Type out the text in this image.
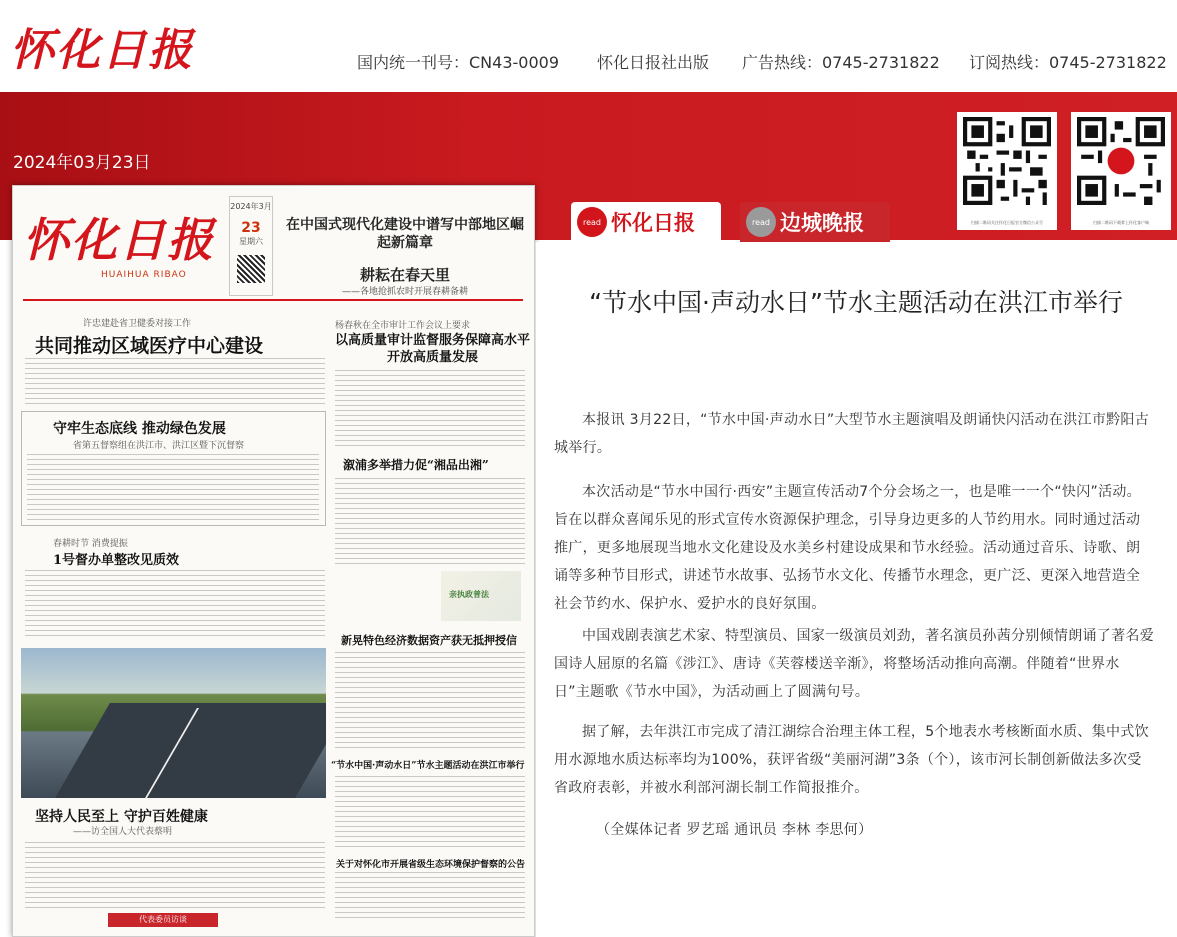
怀化日报	国内统一刊号：CN43-0009 怀化日报社出版 广告热线：0745-2731822 订阅热线：0745-2731822
2024年03月23日
扫描二维码关注怀化日报官方微信公众号	扫描二维码下载掌上怀化客户端
read 怀化日报	read 边城晚报
怀化日报
HUAIHUA RIBAO
2024年3月
23
星期六
在中国式现代化建设中谱写中部地区崛起新篇章
耕耘在春天里
——各地抢抓农时开展春耕备耕
许忠建赴省卫健委对接工作
共同推动区域医疗中心建设
杨春秋在全市审计工作会议上要求
以高质量审计监督服务保障高水平开放高质量发展
守牢生态底线 推动绿色发展
省第五督察组在洪江市、洪江区暨下沉督察
春耕时节 消费提振
1号督办单整改见质效
溆浦多举措力促“湘品出湘”
亲执政普法
新晃特色经济数据资产获无抵押授信
“节水中国·声动水日”节水主题活动在洪江市举行
坚持人民至上 守护百姓健康
——访全国人大代表蔡明
代表委员访谈
关于对怀化市开展省级生态环境保护督察的公告
“节水中国·声动水日”节水主题活动在洪江市举行

本报讯 3月22日，“节水中国·声动水日”大型节水主题演唱及朗诵快闪活动在洪江市黔阳古城举行。

本次活动是“节水中国行·西安”主题宣传活动7个分会场之一，也是唯一一个“快闪”活动。旨在以群众喜闻乐见的形式宣传水资源保护理念，引导身边更多的人节约用水。同时通过活动推广，更多地展现当地水文化建设及水美乡村建设成果和节水经验。活动通过音乐、诗歌、朗诵等多种节目形式，讲述节水故事、弘扬节水文化、传播节水理念，更广泛、更深入地营造全社会节约水、保护水、爱护水的良好氛围。

中国戏剧表演艺术家、特型演员、国家一级演员刘劲，著名演员孙茜分别倾情朗诵了著名爱国诗人屈原的名篇《涉江》、唐诗《芙蓉楼送辛渐》，将整场活动推向高潮。伴随着“世界水日”主题歌《节水中国》，为活动画上了圆满句号。

据了解，去年洪江市完成了清江湖综合治理主体工程，5个地表水考核断面水质、集中式饮用水源地水质达标率均为100%，获评省级“美丽河湖”3条（个），该市河长制创新做法多次受省政府表彰，并被水利部河湖长制工作简报推介。

（全媒体记者 罗艺瑶 通讯员 李林 李思何）
